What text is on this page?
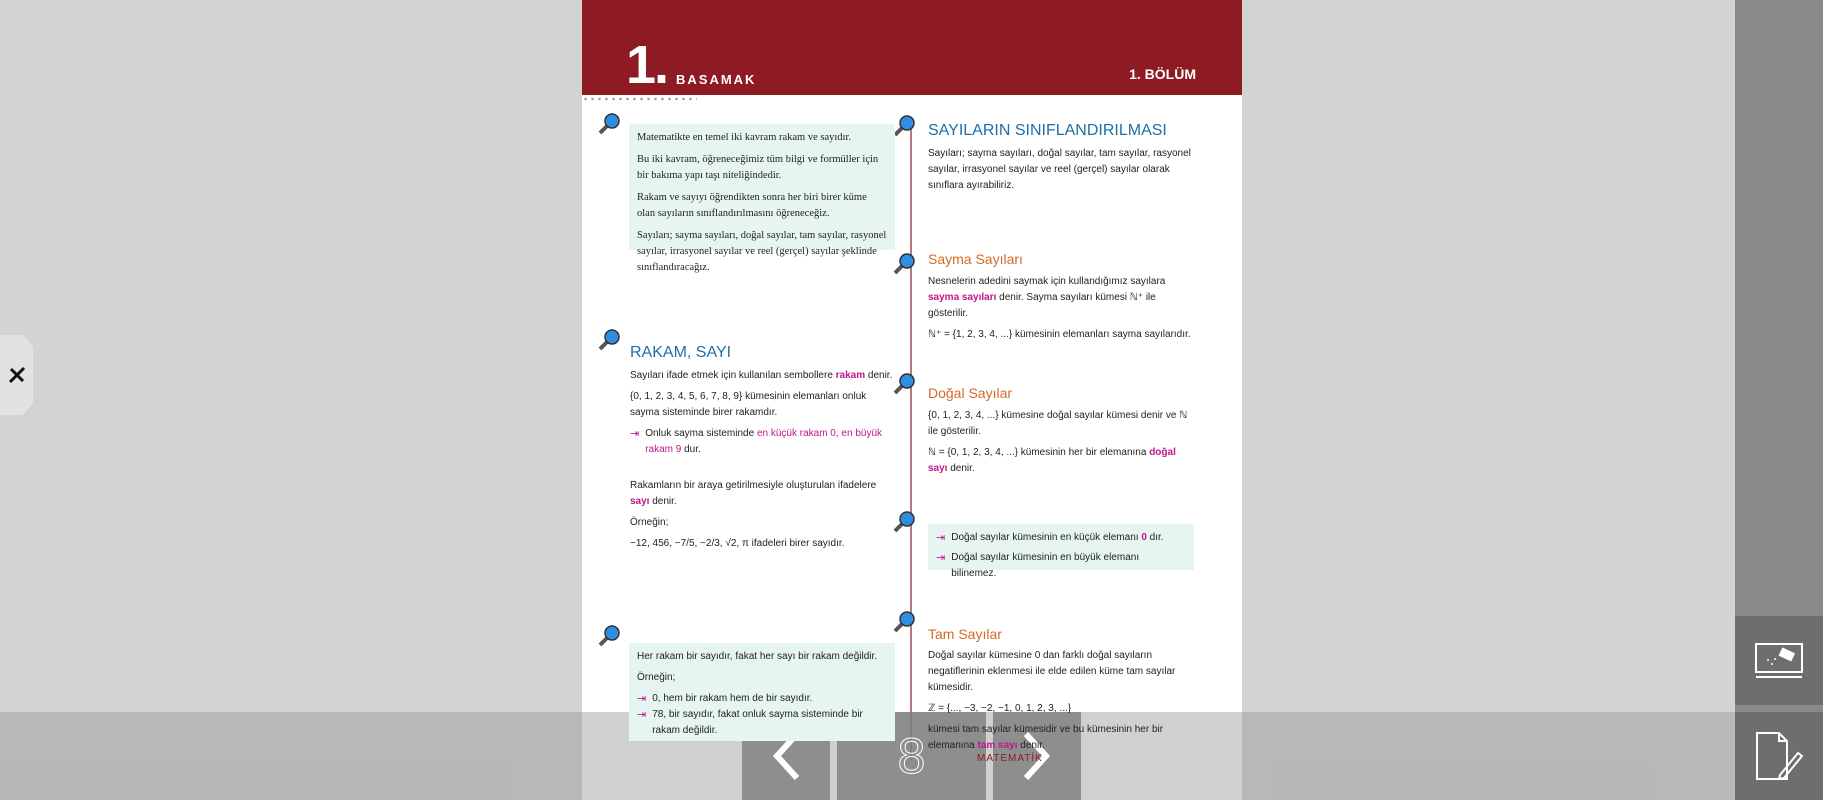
1. BASAMAK	1. BÖLÜM

Matematikte en temel iki kavram rakam ve sayıdır.

Bu iki kavram, öğreneceğimiz tüm bilgi ve formüller için bir bakıma yapı taşı niteliğindedir.

Rakam ve sayıyı öğrendikten sonra her biri birer küme olan sayıların sınıflandırılmasını öğreneceğiz.

Sayıları; sayma sayıları, doğal sayılar, tam sayılar, rasyonel sayılar, irrasyonel sayılar ve reel (gerçel) sayılar şeklinde sınıflandıracağız.

RAKAM, SAYI

Sayıları ifade etmek için kullanılan sembollere rakam denir.

{0, 1, 2, 3, 4, 5, 6, 7, 8, 9} kümesinin elemanları onluk sayma sisteminde birer rakamdır.

⇥ Onluk sayma sisteminde en küçük rakam 0, en büyük rakam 9 dur.

Rakamların bir araya getirilmesiyle oluşturulan ifadelere sayı denir.

Örneğin;

−12, 456, −7/5, −2/3, √2, π ifadeleri birer sayıdır.

Her rakam bir sayıdır, fakat her sayı bir rakam değildir.

Örneğin;

⇥ 0, hem bir rakam hem de bir sayıdır.
⇥ 78, bir sayıdır, fakat onluk sayma sisteminde bir rakam değildir.
SAYILARIN SINIFLANDIRILMASI
Sayıları; sayma sayıları, doğal sayılar, tam sayılar, rasyonel sayılar, irrasyonel sayılar ve reel (gerçel) sayılar olarak sınıflara ayırabiliriz.
Sayma Sayıları

Nesnelerin adedini saymak için kullandığımız sayılara sayma sayıları denir. Sayma sayıları kümesi ℕ⁺ ile gösterilir.

ℕ⁺ = {1, 2, 3, 4, ...} kümesinin elemanları sayma sayılarıdır.

Doğal Sayılar

{0, 1, 2, 3, 4, ...} kümesine doğal sayılar kümesi denir ve ℕ ile gösterilir.

ℕ = {0, 1, 2, 3, 4, ...} kümesinin her bir elemanına doğal sayı denir.

⇥ Doğal sayılar kümesinin en küçük elemanı 0 dır.
⇥ Doğal sayılar kümesinin en büyük elemanı bilinemez.
Tam Sayılar

Doğal sayılar kümesine 0 dan farklı doğal sayıların negatiflerinin eklenmesi ile elde edilen küme tam sayılar kümesidir.

ℤ = {..., −3, −2, −1, 0, 1, 2, 3, ...}

kümesi tam sayılar kümesidir ve bu kümesinin her bir elemanına tam sayı denir.

MATEMATİK
8
